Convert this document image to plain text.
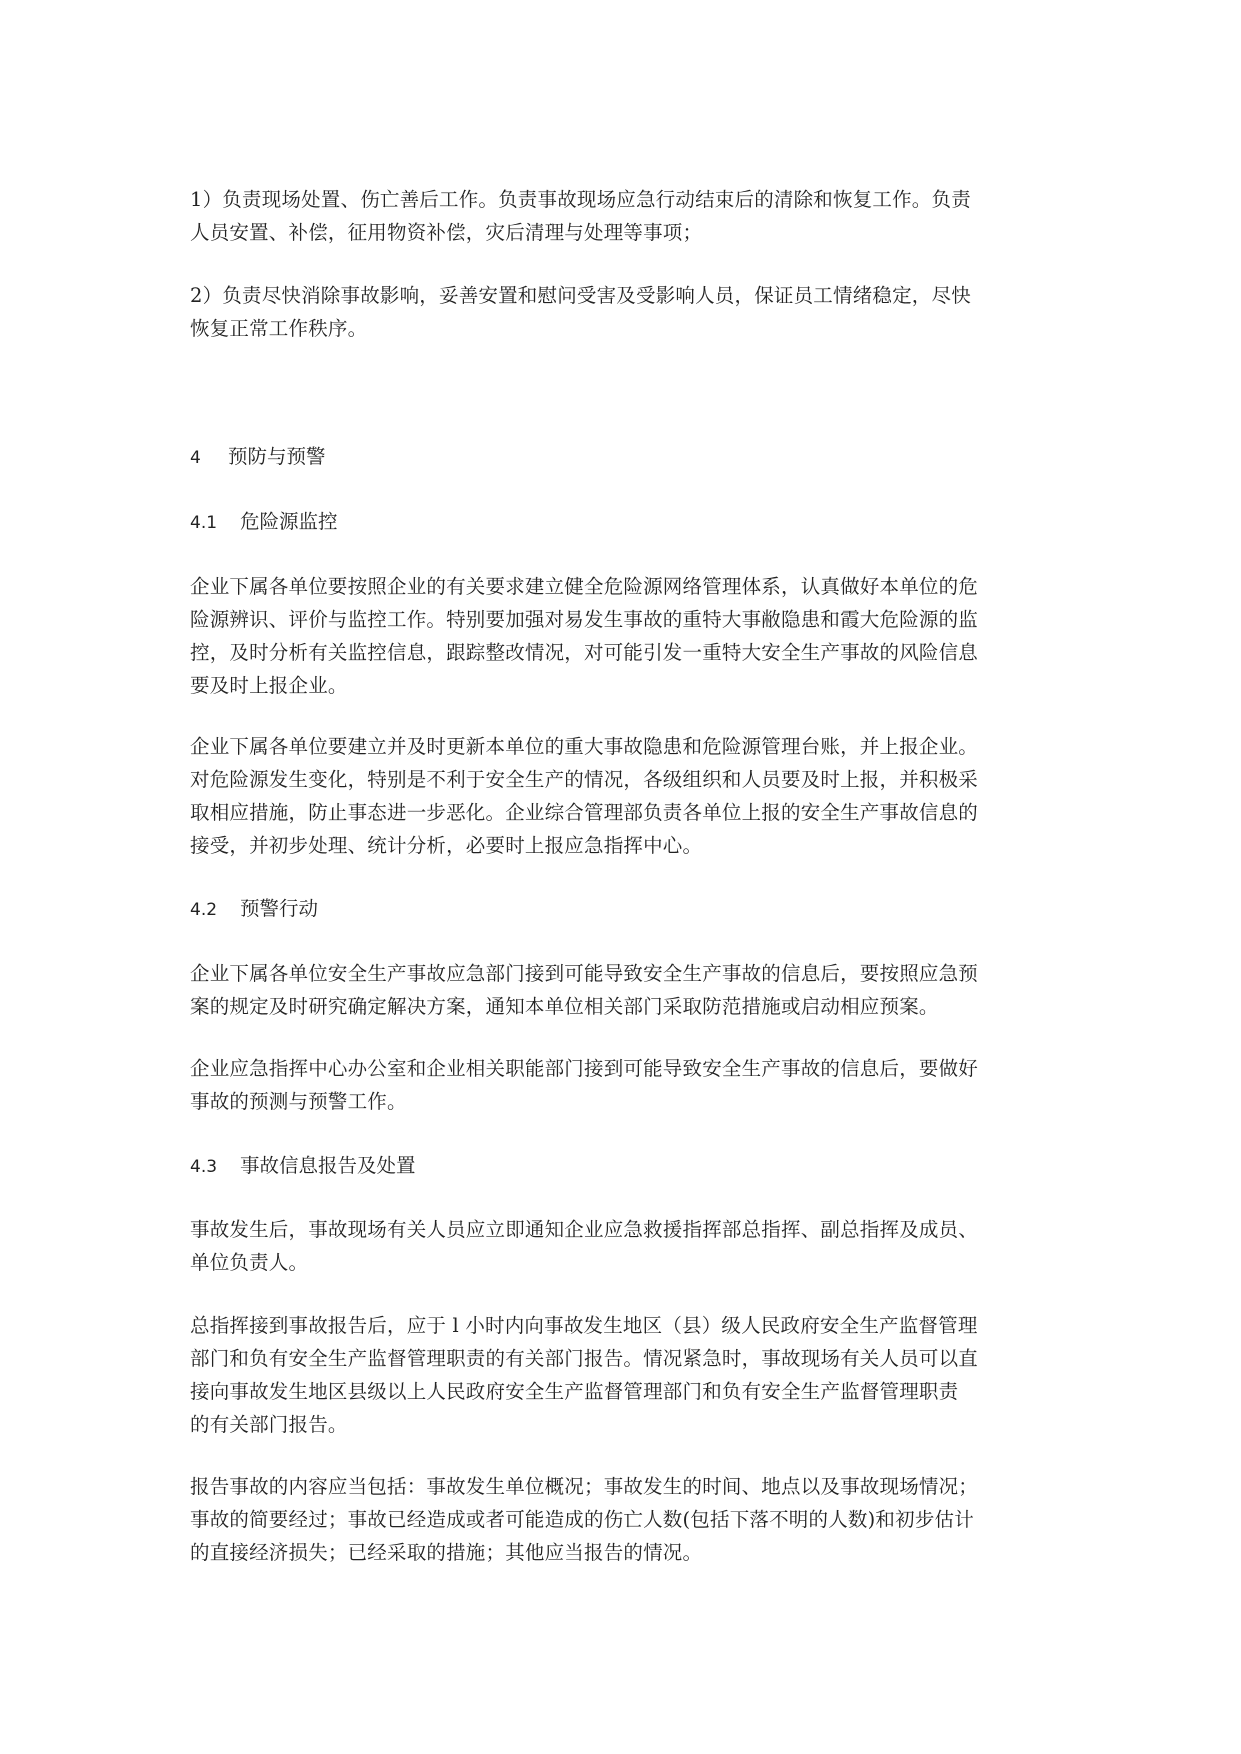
1）负责现场处置、伤亡善后工作。负责事故现场应急行动结束后的清除和恢复工作。负责
人员安置、补偿，征用物资补偿，灾后清理与处理等事项；

2）负责尽快消除事故影响，妥善安置和慰问受害及受影响人员，保证员工情绪稳定，尽快
恢复正常工作秩序。

4 预防与预警
4.1 危险源监控

企业下属各单位要按照企业的有关要求建立健全危险源网络管理体系，认真做好本单位的危
险源辨识、评价与监控工作。特别要加强对易发生事故的重特大事敝隐患和霞大危险源的监
控，及时分析有关监控信息，跟踪整改情况，对可能引发一重特大安全生产事故的风险信息
要及时上报企业。

企业下属各单位要建立并及时更新本单位的重大事故隐患和危险源管理台账，并上报企业。
对危险源发生变化，特别是不利于安全生产的情况，各级组织和人员要及时上报，并积极采
取相应措施，防止事态进一步恶化。企业综合管理部负责各单位上报的安全生产事故信息的
接受，并初步处理、统计分析，必要时上报应急指挥中心。

4.2 预警行动

企业下属各单位安全生产事故应急部门接到可能导致安全生产事故的信息后，要按照应急预
案的规定及时研究确定解决方案，通知本单位相关部门采取防范措施或启动相应预案。

企业应急指挥中心办公室和企业相关职能部门接到可能导致安全生产事故的信息后，要做好
事故的预测与预警工作。

4.3 事故信息报告及处置

事故发生后，事故现场有关人员应立即通知企业应急救援指挥部总指挥、副总指挥及成员、
单位负责人。

总指挥接到事故报告后，应于 l 小时内向事故发生地区（县）级人民政府安全生产监督管理
部门和负有安全生产监督管理职责的有关部门报告。情况紧急时，事故现场有关人员可以直
接向事故发生地区县级以上人民政府安全生产监督管理部门和负有安全生产监督管理职责
的有关部门报告。

报告事故的内容应当包括：事故发生单位概况；事故发生的时间、地点以及事故现场情况；
事故的简要经过；事故已经造成或者可能造成的伤亡人数(包括下落不明的人数)和初步估计
的直接经济损失；已经采取的措施；其他应当报告的情况。
